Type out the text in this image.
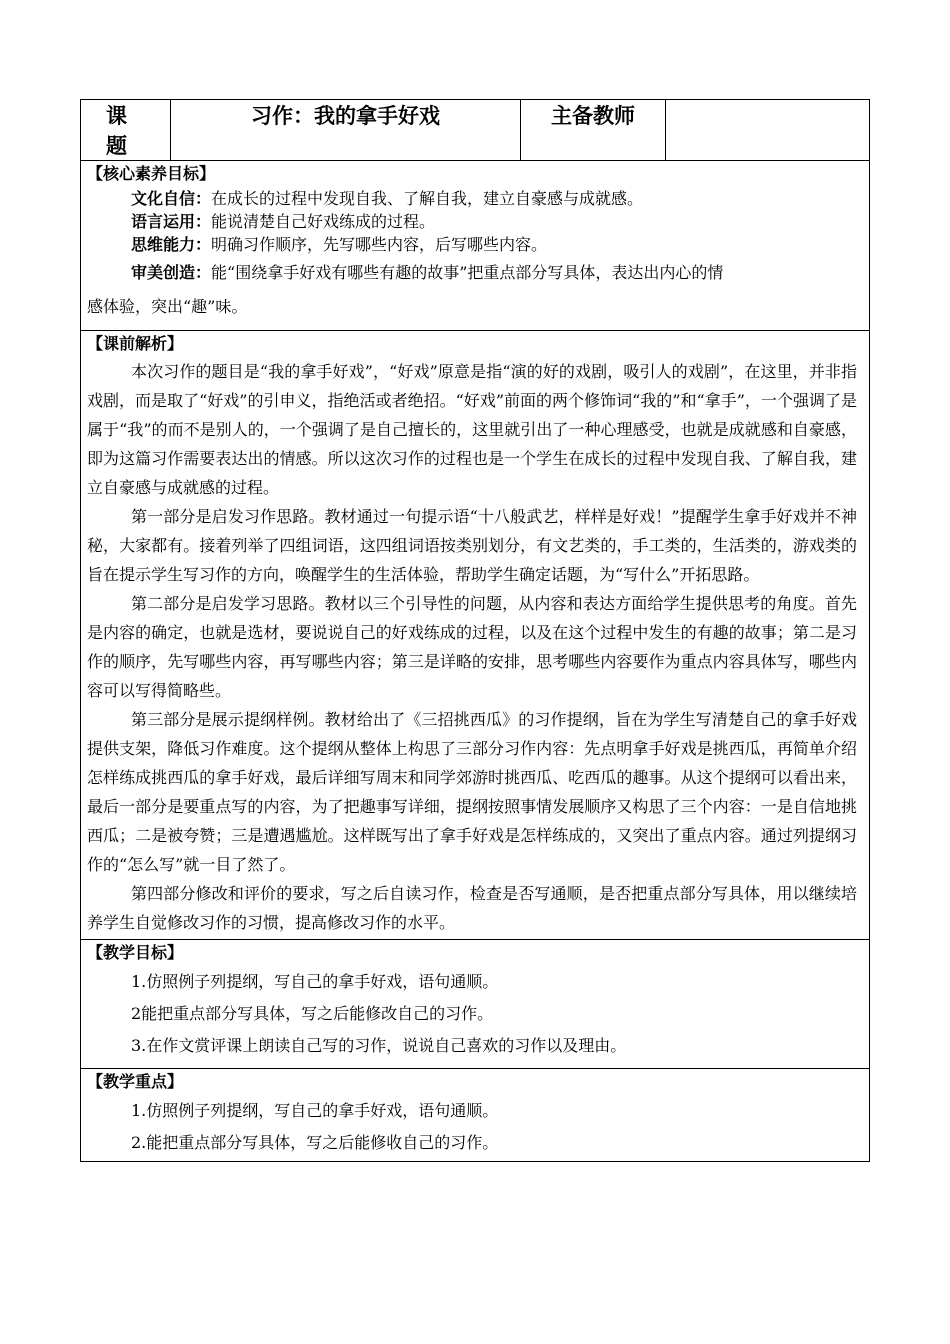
课 题	习作：我的拿手好戏	主备教师	

【核心素养目标】
文化自信：在成长的过程中发现自我、了解自我，建立自豪感与成就感。
语言运用：能说清楚自己好戏练成的过程。
思维能力：明确习作顺序，先写哪些内容，后写哪些内容。
审美创造：能“围绕拿手好戏有哪些有趣的故事”把重点部分写具体，表达出内心的情
感体验，突出“趣”味。

【课前解析】

本次习作的题目是“我的拿手好戏”，“好戏”原意是指“演的好的戏剧，吸引人的戏剧”，在这里，并非指戏剧，而是取了“好戏”的引申义，指绝活或者绝招。“好戏”前面的两个修饰词“我的”和“拿手”，一个强调了是属于“我”的而不是别人的，一个强调了是自己擅长的，这里就引出了一种心理感受，也就是成就感和自豪感，即为这篇习作需要表达出的情感。所以这次习作的过程也是一个学生在成长的过程中发现自我、了解自我，建立自豪感与成就感的过程。

第一部分是启发习作思路。教材通过一句提示语“十八般武艺，样样是好戏！”提醒学生拿手好戏并不神秘，大家都有。接着列举了四组词语，这四组词语按类别划分，有文艺类的，手工类的，生活类的，游戏类的旨在提示学生写习作的方向，唤醒学生的生活体验，帮助学生确定话题，为“写什么”开拓思路。

第二部分是启发学习思路。教材以三个引导性的问题，从内容和表达方面给学生提供思考的角度。首先是内容的确定，也就是选材，要说说自己的好戏练成的过程，以及在这个过程中发生的有趣的故事；第二是习作的顺序，先写哪些内容，再写哪些内容；第三是详略的安排，思考哪些内容要作为重点内容具体写，哪些内容可以写得简略些。

第三部分是展示提纲样例。教材给出了《三招挑西瓜》的习作提纲，旨在为学生写清楚自己的拿手好戏提供支架，降低习作难度。这个提纲从整体上构思了三部分习作内容：先点明拿手好戏是挑西瓜，再简单介绍怎样练成挑西瓜的拿手好戏，最后详细写周末和同学郊游时挑西瓜、吃西瓜的趣事。从这个提纲可以看出来，最后一部分是要重点写的内容，为了把趣事写详细，提纲按照事情发展顺序又构思了三个内容：一是自信地挑西瓜；二是被夸赞；三是遭遇尴尬。这样既写出了拿手好戏是怎样练成的，又突出了重点内容。通过列提纲习作的“怎么写”就一目了然了。

第四部分修改和评价的要求，写之后自读习作，检查是否写通顺，是否把重点部分写具体，用以继续培养学生自觉修改习作的习惯，提高修改习作的水平。

【教学目标】
1.仿照例子列提纲，写自己的拿手好戏，语句通顺。
2能把重点部分写具体，写之后能修改自己的习作。
3.在作文赏评课上朗读自己写的习作，说说自己喜欢的习作以及理由。

【教学重点】
1.仿照例子列提纲，写自己的拿手好戏，语句通顺。
2.能把重点部分写具体，写之后能修收自己的习作。
